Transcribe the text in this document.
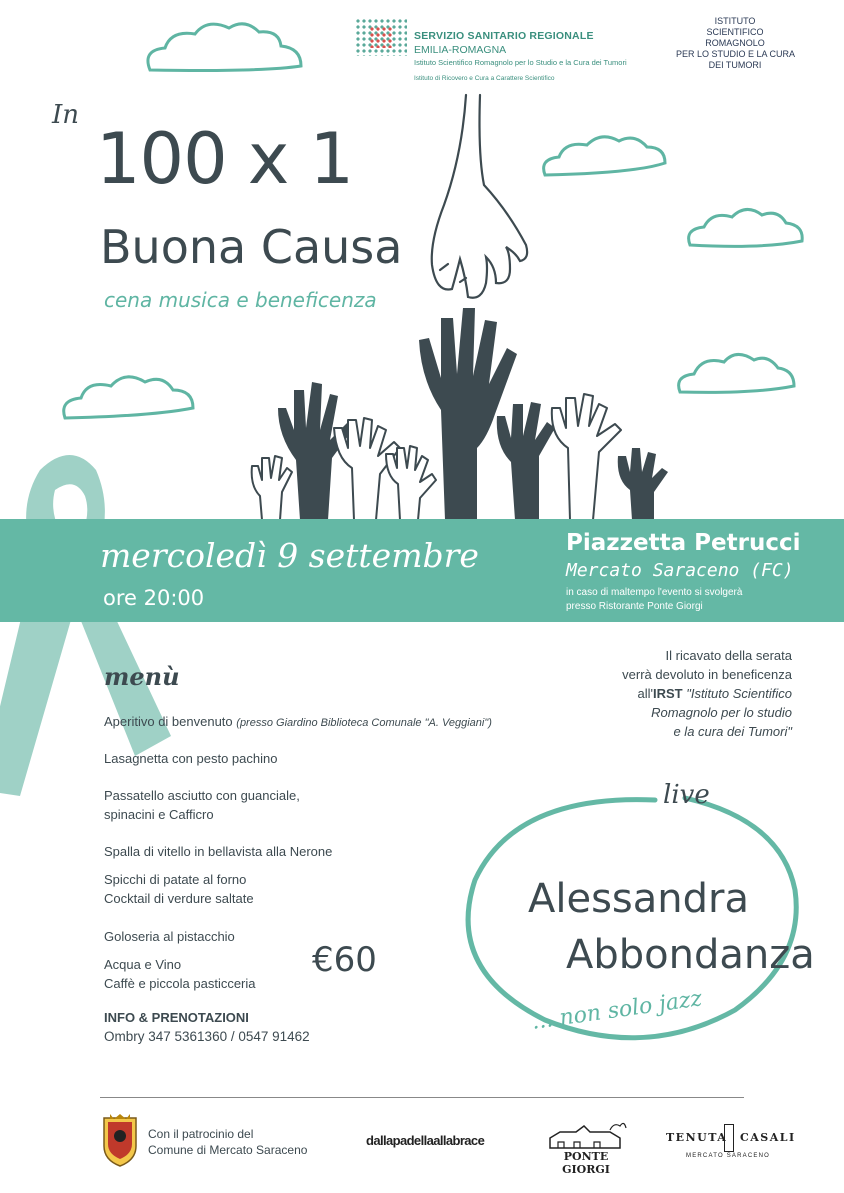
SERVIZIO SANITARIO REGIONALE
EMILIA-ROMAGNA
Istituto Scientifico Romagnolo per lo Studio e la Cura dei Tumori
Istituto di Ricovero e Cura a Carattere Scientifico
ISTITUTO
SCIENTIFICO
ROMAGNOLO
PER LO STUDIO E LA CURA
DEI TUMORI
In
100 x 1
Buona Causa
cena musica e beneficenza
mercoledì 9 settembre
ore 20:00
Piazzetta Petrucci
Mercato Saraceno (FC)
in caso di maltempo l'evento si svolgerà
presso Ristorante Ponte Giorgi
Il ricavato della serata
verrà devoluto in beneficenza
all'IRST "Istituto Scientifico
Romagnolo per lo studio
e la cura dei Tumori"
menù
Aperitivo di benvenuto (presso Giardino Biblioteca Comunale "A. Veggiani")
Lasagnetta con pesto pachino
Passatello asciutto con guanciale,
spinacini e Cafficro
Spalla di vitello in bellavista alla Nerone
Spicchi di patate al forno
Cocktail di verdure saltate
Goloseria al pistacchio
Acqua e Vino
Caffè e piccola pasticceria
€60
INFO & PRENOTAZIONI
Ombry 347 5361360 / 0547 91462
live
Alessandra
Abbondanza
... non solo jazz
Con il patrocinio del
Comune di Mercato Saraceno
dallapadellaallabrace
PONTE GIORGI
TENUTA CASALI
MERCATO SARACENO
